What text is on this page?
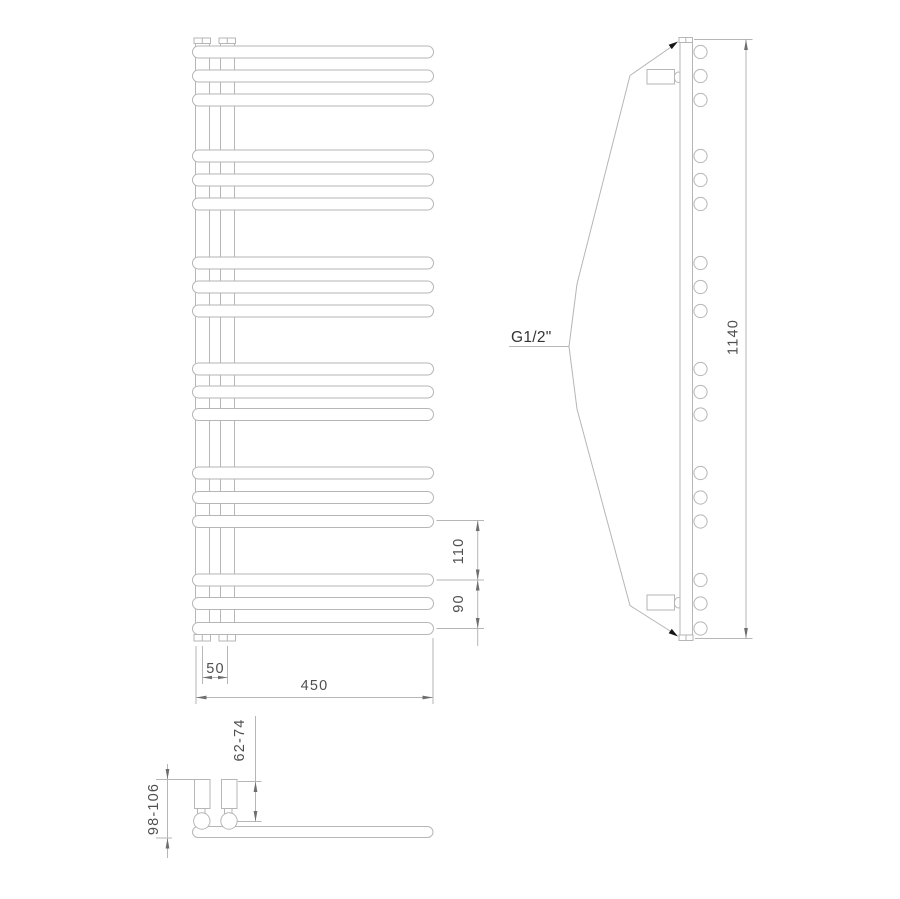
110
90
50
450
1140
G1/2"
62-74
98-106
